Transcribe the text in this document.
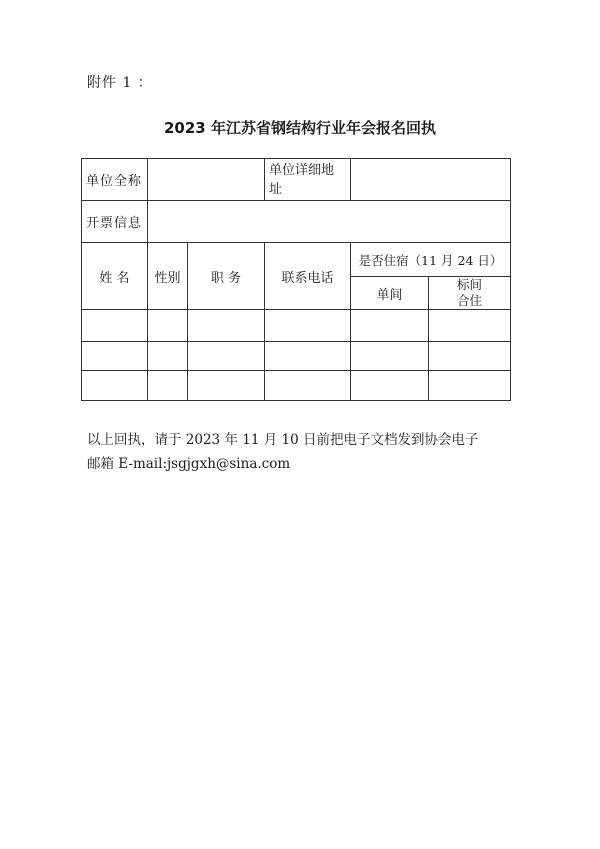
附件 1 ：
2023 年江苏省钢结构行业年会报名回执
单位全称			单位详细地址		
开票信息					
姓 名	性别	职 务	联系电话	是否住宿（11 月 24 日）	
				单间	标间合住

以上回执，请于 2023 年 11 月 10 日前把电子文档发到协会电子
邮箱 E-mail:jsgjgxh@sina.com
